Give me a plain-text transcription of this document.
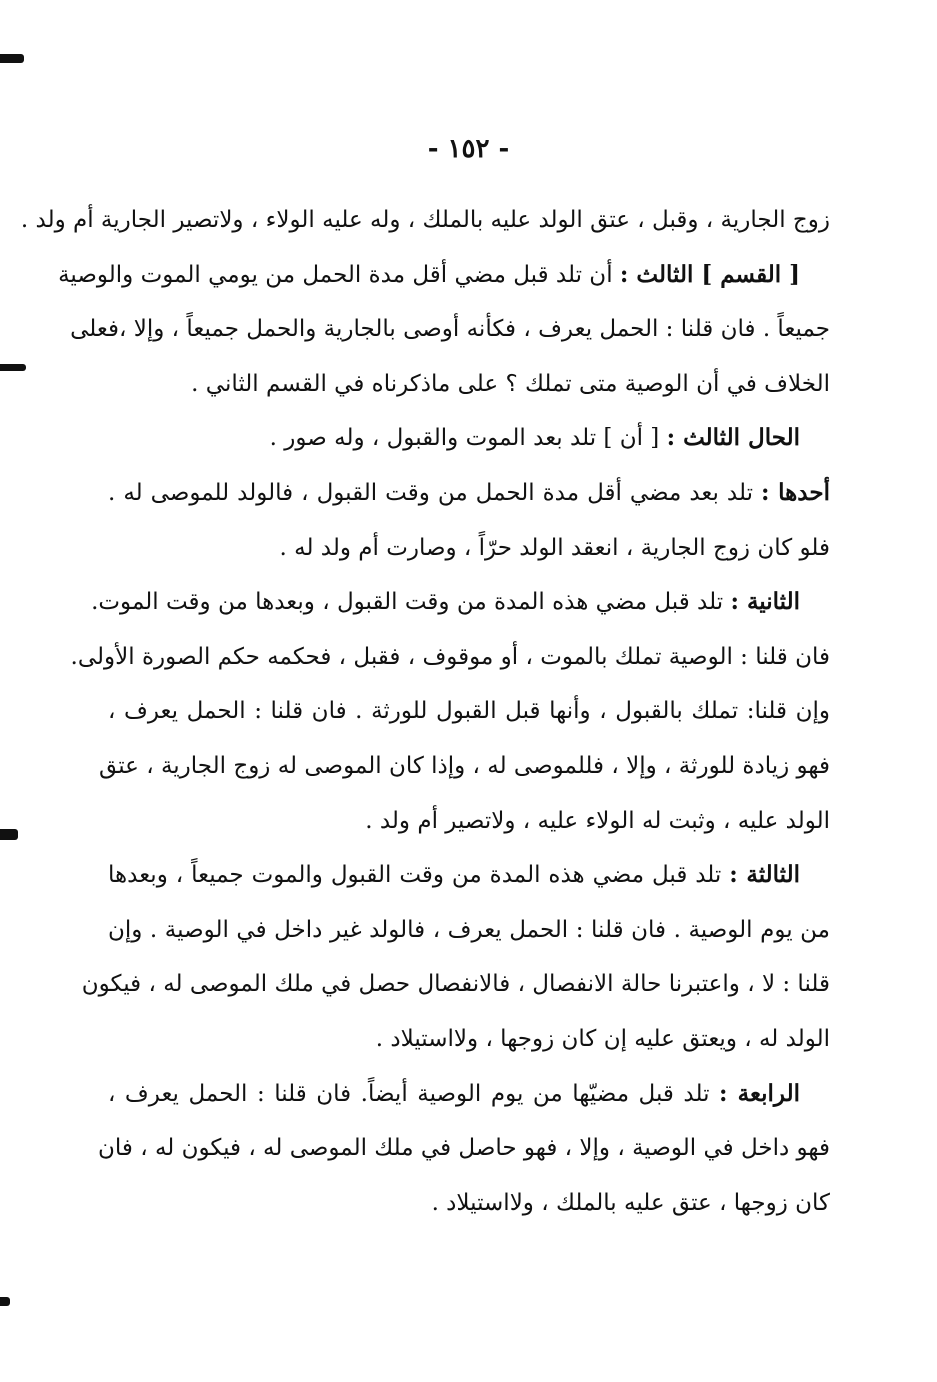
- ١٥٢ -
زوج الجارية ، وقبل ، عتق الولد عليه بالملك ، وله عليه الولاء ، ولاتصير الجارية أم ولد .
[ القسم ] الثالث : أن تلد قبل مضي أقل مدة الحمل من يومي الموت والوصية
جميعاً . فان قلنا : الحمل يعرف ، فكأنه أوصى بالجارية والحمل جميعاً ، وإلا ،فعلى
الخلاف في أن الوصية متى تملك ؟ على ماذكرناه في القسم الثاني .
الحال الثالث : [ أن ] تلد بعد الموت والقبول ، وله صور .
أحدها : تلد بعد مضي أقل مدة الحمل من وقت القبول ، فالولد للموصى له .
فلو كان زوج الجارية ، انعقد الولد حرّاً ، وصارت أم ولد له .
الثانية : تلد قبل مضي هذه المدة من وقت القبول ، وبعدها من وقت الموت.
فان قلنا : الوصية تملك بالموت ، أو موقوف ، فقبل ، فحكمه حكم الصورة الأولى.
وإن قلنا: تملك بالقبول ، وأنها قبل القبول للورثة . فان قلنا : الحمل يعرف ،
فهو زيادة للورثة ، وإلا ، فللموصى له ، وإذا كان الموصى له زوج الجارية ، عتق
الولد عليه ، وثبت له الولاء عليه ، ولاتصير أم ولد .
الثالثة : تلد قبل مضي هذه المدة من وقت القبول والموت جميعاً ، وبعدها
من يوم الوصية . فان قلنا : الحمل يعرف ، فالولد غير داخل في الوصية . وإن
قلنا : لا ، واعتبرنا حالة الانفصال ، فالانفصال حصل في ملك الموصى له ، فيكون
الولد له ، ويعتق عليه إن كان زوجها ، ولااستيلاد .
الرابعة : تلد قبل مضيّها من يوم الوصية أيضاً. فان قلنا : الحمل يعرف ،
فهو داخل في الوصية ، وإلا ، فهو حاصل في ملك الموصى له ، فيكون له ، فان
كان زوجها ، عتق عليه بالملك ، ولااستيلاد .
